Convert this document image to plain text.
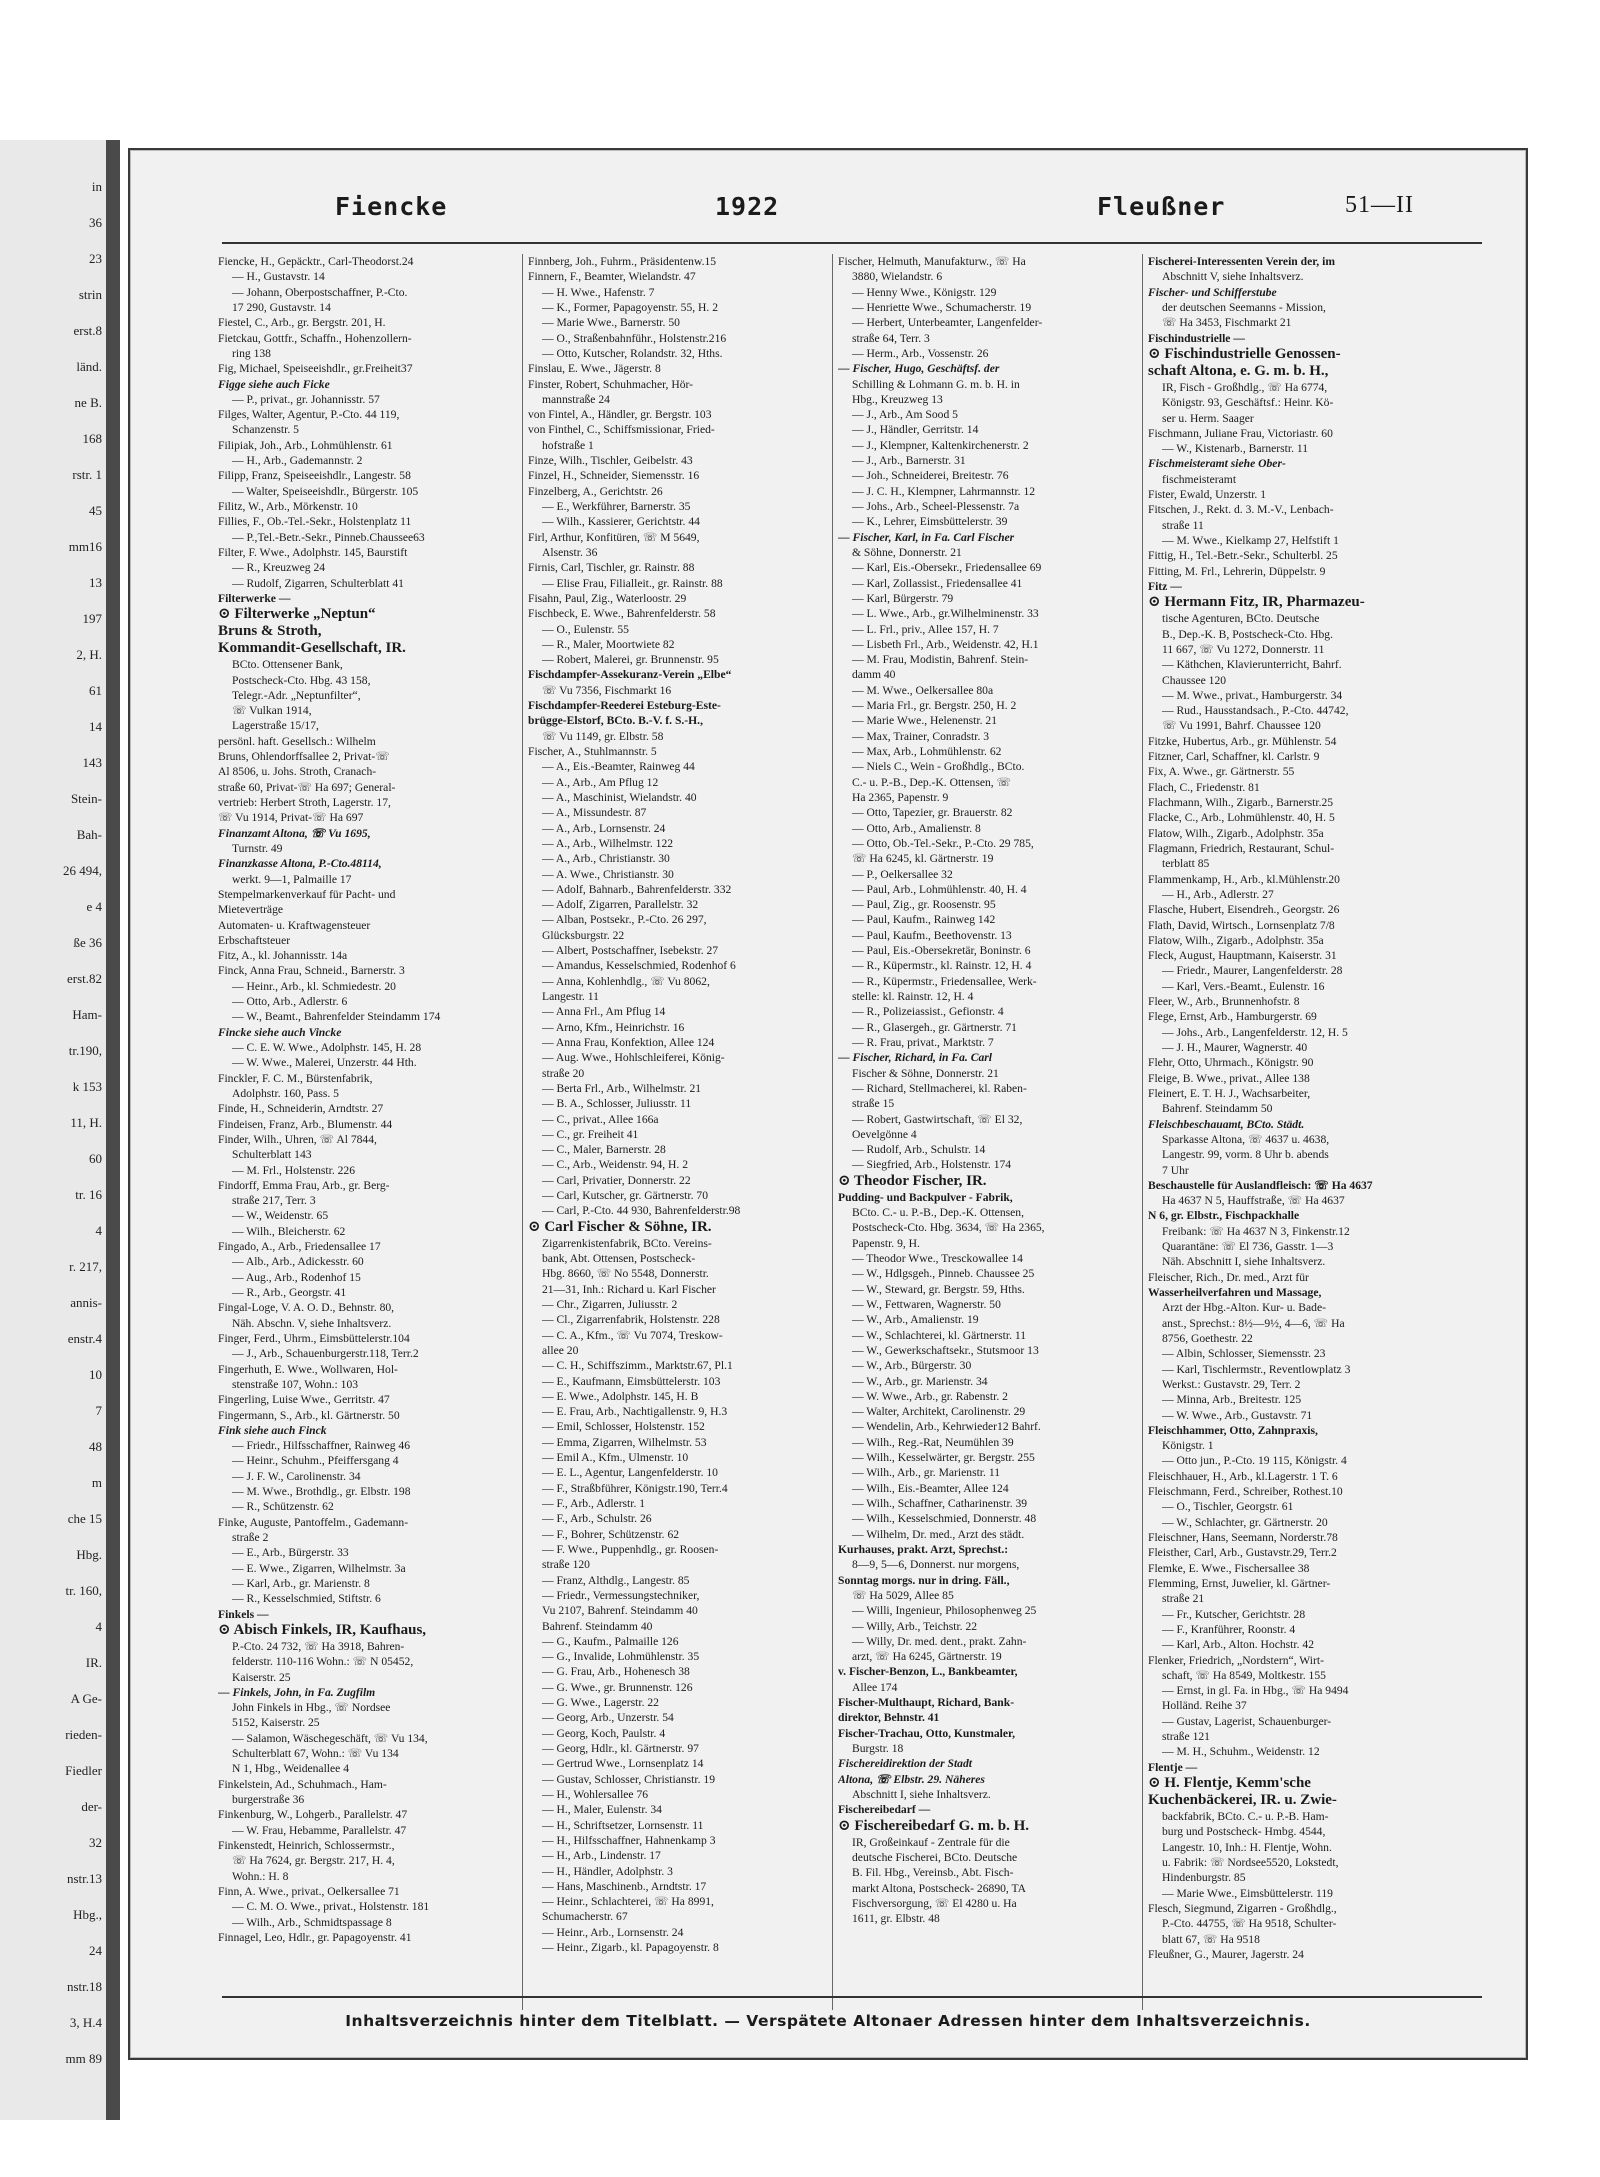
in
36
23
strin
erst.8
länd.
ne B.
168
rstr. 1
45
mm16
13
197
2, H.
61
14
143
Stein-
Bah-
26 494,
e 4
ße 36
erst.82
Ham-
tr.190,
k 153
11, H.
60
tr. 16
4
r. 217,
annis-
enstr.4
10
7
48
m
che 15
Hbg.
tr. 160,
4
IR.
A Ge-
rieden-
Fiedler
der-
32
nstr.13
Hbg.,
24
nstr.18
3, H.4
mm 89
Fiencke	1922	Fleußner	51—II
Fiencke, H., Gepäcktr., Carl-Theodorst.24
— H., Gustavstr. 14
— Johann, Oberpostschaffner, P.-Cto.
17 290, Gustavstr. 14
Fiestel, C., Arb., gr. Bergstr. 201, H.
Fietckau, Gottfr., Schaffn., Hohenzollern-
ring 138
Fig, Michael, Speiseeishdlr., gr.Freiheit37
Figge siehe auch Ficke
— P., privat., gr. Johannisstr. 57
Filges, Walter, Agentur, P.-Cto. 44 119,
Schanzenstr. 5
Filipiak, Joh., Arb., Lohmühlenstr. 61
— H., Arb., Gademannstr. 2
Filipp, Franz, Speiseeishdlr., Langestr. 58
— Walter, Speiseeishdlr., Bürgerstr. 105
Filitz, W., Arb., Mörkenstr. 10
Fillies, F., Ob.-Tel.-Sekr., Holstenplatz 11
— P.,Tel.-Betr.-Sekr., Pinneb.Chaussee63
Filter, F. Wwe., Adolphstr. 145, Baurstift
— R., Kreuzweg 24
— Rudolf, Zigarren, Schulterblatt 41
Filterwerke —
⊙ Filterwerke „Neptun“
Bruns & Stroth,
Kommandit-Gesellschaft, IR.
BCto. Ottensener Bank,
Postscheck-Cto. Hbg. 43 158,
Telegr.-Adr. „Neptunfilter“,
☏ Vulkan 1914,
Lagerstraße 15/17,
persönl. haft. Gesellsch.: Wilhelm
Bruns, Ohlendorffsallee 2, Privat-☏
Al 8506, u. Johs. Stroth, Cranach-
straße 60, Privat-☏ Ha 697; General-
vertrieb: Herbert Stroth, Lagerstr. 17,
☏ Vu 1914, Privat-☏ Ha 697
Finanzamt Altona, ☏ Vu 1695,
Turnstr. 49
Finanzkasse Altona, P.-Cto.48114,
werkt. 9—1, Palmaille 17
Stempelmarkenverkauf für Pacht- und
Mieteverträge
Automaten- u. Kraftwagensteuer
Erbschaftsteuer
Fitz, A., kl. Johannisstr. 14a
Finck, Anna Frau, Schneid., Barnerstr. 3
— Heinr., Arb., kl. Schmiedestr. 20
— Otto, Arb., Adlerstr. 6
— W., Beamt., Bahrenfelder Steindamm 174
Fincke siehe auch Vincke
— C. E. W. Wwe., Adolphstr. 145, H. 28
— W. Wwe., Malerei, Unzerstr. 44 Hth.
Finckler, F. C. M., Bürstenfabrik,
Adolphstr. 160, Pass. 5
Finde, H., Schneiderin, Arndtstr. 27
Findeisen, Franz, Arb., Blumenstr. 44
Finder, Wilh., Uhren, ☏ Al 7844,
Schulterblatt 143
— M. Frl., Holstenstr. 226
Findorff, Emma Frau, Arb., gr. Berg-
straße 217, Terr. 3
— W., Weidenstr. 65
— Wilh., Bleicherstr. 62
Fingado, A., Arb., Friedensallee 17
— Alb., Arb., Adickesstr. 60
— Aug., Arb., Rodenhof 15
— R., Arb., Georgstr. 41
Fingal-Loge, V. A. O. D., Behnstr. 80,
Näh. Abschn. V, siehe Inhaltsverz.
Finger, Ferd., Uhrm., Eimsbüttelerstr.104
— J., Arb., Schauenburgerstr.118, Terr.2
Fingerhuth, E. Wwe., Wollwaren, Hol-
stenstraße 107, Wohn.: 103
Fingerling, Luise Wwe., Gerritstr. 47
Fingermann, S., Arb., kl. Gärtnerstr. 50
Fink siehe auch Finck
— Friedr., Hilfsschaffner, Rainweg 46
— Heinr., Schuhm., Pfeiffersgang 4
— J. F. W., Carolinenstr. 34
— M. Wwe., Brothdlg., gr. Elbstr. 198
— R., Schützenstr. 62
Finke, Auguste, Pantoffelm., Gademann-
straße 2
— E., Arb., Bürgerstr. 33
— E. Wwe., Zigarren, Wilhelmstr. 3a
— Karl, Arb., gr. Marienstr. 8
— R., Kesselschmied, Stiftstr. 6
Finkels —
⊙ Abisch Finkels, IR, Kaufhaus,
P.-Cto. 24 732, ☏ Ha 3918, Bahren-
felderstr. 110-116 Wohn.: ☏ N 05452,
Kaiserstr. 25
— Finkels, John, in Fa. Zugfilm
John Finkels in Hbg., ☏ Nordsee
5152, Kaiserstr. 25
— Salamon, Wäschegeschäft, ☏ Vu 134,
Schulterblatt 67, Wohn.: ☏ Vu 134
N 1, Hbg., Weidenallee 4
Finkelstein, Ad., Schuhmach., Ham-
burgerstraße 36
Finkenburg, W., Lohgerb., Parallelstr. 47
— W. Frau, Hebamme, Parallelstr. 47
Finkenstedt, Heinrich, Schlossermstr.,
☏ Ha 7624, gr. Bergstr. 217, H. 4,
Wohn.: H. 8
Finn, A. Wwe., privat., Oelkersallee 71
— C. M. O. Wwe., privat., Holstenstr. 181
— Wilh., Arb., Schmidtspassage 8
Finnagel, Leo, Hdlr., gr. Papagoyenstr. 41
Finnberg, Joh., Fuhrm., Präsidentenw.15
Finnern, F., Beamter, Wielandstr. 47
— H. Wwe., Hafenstr. 7
— K., Former, Papagoyenstr. 55, H. 2
— Marie Wwe., Barnerstr. 50
— O., Straßenbahnführ., Holstenstr.216
— Otto, Kutscher, Rolandstr. 32, Hths.
Finslau, E. Wwe., Jägerstr. 8
Finster, Robert, Schuhmacher, Hör-
mannstraße 24
von Fintel, A., Händler, gr. Bergstr. 103
von Finthel, C., Schiffsmissionar, Fried-
hofstraße 1
Finze, Wilh., Tischler, Geibelstr. 43
Finzel, H., Schneider, Siemensstr. 16
Finzelberg, A., Gerichtstr. 26
— E., Werkführer, Barnerstr. 35
— Wilh., Kassierer, Gerichtstr. 44
Firl, Arthur, Konfitüren, ☏ M 5649,
Alsenstr. 36
Firnis, Carl, Tischler, gr. Rainstr. 88
— Elise Frau, Filialleit., gr. Rainstr. 88
Fisahn, Paul, Zig., Waterloostr. 29
Fischbeck, E. Wwe., Bahrenfelderstr. 58
— O., Eulenstr. 55
— R., Maler, Moortwiete 82
— Robert, Malerei, gr. Brunnenstr. 95
Fischdampfer-Assekuranz-Verein „Elbe“
☏ Vu 7356, Fischmarkt 16
Fischdampfer-Reederei Esteburg-Este-
brügge-Elstorf, BCto. B.-V. f. S.-H.,
☏ Vu 1149, gr. Elbstr. 58
Fischer, A., Stuhlmannstr. 5
— A., Eis.-Beamter, Rainweg 44
— A., Arb., Am Pflug 12
— A., Maschinist, Wielandstr. 40
— A., Missundestr. 87
— A., Arb., Lornsenstr. 24
— A., Arb., Wilhelmstr. 122
— A., Arb., Christianstr. 30
— A. Wwe., Christianstr. 30
— Adolf, Bahnarb., Bahrenfelderstr. 332
— Adolf, Zigarren, Parallelstr. 32
— Alban, Postsekr., P.-Cto. 26 297,
Glücksburgstr. 22
— Albert, Postschaffner, Isebekstr. 27
— Amandus, Kesselschmied, Rodenhof 6
— Anna, Kohlenhdlg., ☏ Vu 8062,
Langestr. 11
— Anna Frl., Am Pflug 14
— Arno, Kfm., Heinrichstr. 16
— Anna Frau, Konfektion, Allee 124
— Aug. Wwe., Hohlschleiferei, König-
straße 20
— Berta Frl., Arb., Wilhelmstr. 21
— B. A., Schlosser, Juliusstr. 11
— C., privat., Allee 166a
— C., gr. Freiheit 41
— C., Maler, Barnerstr. 28
— C., Arb., Weidenstr. 94, H. 2
— Carl, Privatier, Donnerstr. 22
— Carl, Kutscher, gr. Gärtnerstr. 70
— Carl, P.-Cto. 44 930, Bahrenfelderstr.98
⊙ Carl Fischer & Söhne, IR.
Zigarrenkistenfabrik, BCto. Vereins-
bank, Abt. Ottensen, Postscheck-
Hbg. 8660, ☏ No 5548, Donnerstr.
21—31, Inh.: Richard u. Karl Fischer
— Chr., Zigarren, Juliusstr. 2
— Cl., Zigarrenfabrik, Holstenstr. 228
— C. A., Kfm., ☏ Vu 7074, Treskow-
allee 20
— C. H., Schiffszimm., Marktstr.67, Pl.1
— E., Kaufmann, Eimsbüttelerstr. 103
— E. Wwe., Adolphstr. 145, H. B
— E. Frau, Arb., Nachtigallenstr. 9, H.3
— Emil, Schlosser, Holstenstr. 152
— Emma, Zigarren, Wilhelmstr. 53
— Emil A., Kfm., Ulmenstr. 10
— E. L., Agentur, Langenfelderstr. 10
— F., Straßbführer, Königstr.190, Terr.4
— F., Arb., Adlerstr. 1
— F., Arb., Schulstr. 26
— F., Bohrer, Schützenstr. 62
— F. Wwe., Puppenhdlg., gr. Roosen-
straße 120
— Franz, Althdlg., Langestr. 85
— Friedr., Vermessungstechniker,
Vu 2107, Bahrenf. Steindamm 40
Bahrenf. Steindamm 40
— G., Kaufm., Palmaille 126
— G., Invalide, Lohmühlenstr. 35
— G. Frau, Arb., Hohenesch 38
— G. Wwe., gr. Brunnenstr. 126
— G. Wwe., Lagerstr. 22
— Georg, Arb., Unzerstr. 54
— Georg, Koch, Paulstr. 4
— Georg, Hdlr., kl. Gärtnerstr. 97
— Gertrud Wwe., Lornsenplatz 14
— Gustav, Schlosser, Christianstr. 19
— H., Wohlersallee 76
— H., Maler, Eulenstr. 34
— H., Schriftsetzer, Lornsenstr. 11
— H., Hilfsschaffner, Hahnenkamp 3
— H., Arb., Lindenstr. 17
— H., Händler, Adolphstr. 3
— Hans, Maschinenb., Arndtstr. 17
— Heinr., Schlachterei, ☏ Ha 8991,
Schumacherstr. 67
— Heinr., Arb., Lornsenstr. 24
— Heinr., Zigarb., kl. Papagoyenstr. 8
Fischer, Helmuth, Manufakturw., ☏ Ha
3880, Wielandstr. 6
— Henny Wwe., Königstr. 129
— Henriette Wwe., Schumacherstr. 19
— Herbert, Unterbeamter, Langenfelder-
straße 64, Terr. 3
— Herm., Arb., Vossenstr. 26
— Fischer, Hugo, Geschäftsf. der
Schilling & Lohmann G. m. b. H. in
Hbg., Kreuzweg 13
— J., Arb., Am Sood 5
— J., Händler, Gerritstr. 14
— J., Klempner, Kaltenkirchenerstr. 2
— J., Arb., Barnerstr. 31
— Joh., Schneiderei, Breitestr. 76
— J. C. H., Klempner, Lahrmannstr. 12
— Johs., Arb., Scheel-Plessenstr. 7a
— K., Lehrer, Eimsbüttelerstr. 39
— Fischer, Karl, in Fa. Carl Fischer
& Söhne, Donnerstr. 21
— Karl, Eis.-Obersekr., Friedensallee 69
— Karl, Zollassist., Friedensallee 41
— Karl, Bürgerstr. 79
— L. Wwe., Arb., gr.Wilhelminenstr. 33
— L. Frl., priv., Allee 157, H. 7
— Lisbeth Frl., Arb., Weidenstr. 42, H.1
— M. Frau, Modistin, Bahrenf. Stein-
damm 40
— M. Wwe., Oelkersallee 80a
— Maria Frl., gr. Bergstr. 250, H. 2
— Marie Wwe., Helenenstr. 21
— Max, Trainer, Conradstr. 3
— Max, Arb., Lohmühlenstr. 62
— Niels C., Wein - Großhdlg., BCto.
C.- u. P.-B., Dep.-K. Ottensen, ☏
Ha 2365, Papenstr. 9
— Otto, Tapezier, gr. Brauerstr. 82
— Otto, Arb., Amalienstr. 8
— Otto, Ob.-Tel.-Sekr., P.-Cto. 29 785,
☏ Ha 6245, kl. Gärtnerstr. 19
— P., Oelkersallee 32
— Paul, Arb., Lohmühlenstr. 40, H. 4
— Paul, Zig., gr. Roosenstr. 95
— Paul, Kaufm., Rainweg 142
— Paul, Kaufm., Beethovenstr. 13
— Paul, Eis.-Obersekretär, Boninstr. 6
— R., Küpermstr., kl. Rainstr. 12, H. 4
— R., Küpermstr., Friedensallee, Werk-
stelle: kl. Rainstr. 12, H. 4
— R., Polizeiassist., Gefionstr. 4
— R., Glasergeh., gr. Gärtnerstr. 71
— R. Frau, privat., Marktstr. 7
— Fischer, Richard, in Fa. Carl
Fischer & Söhne, Donnerstr. 21
— Richard, Stellmacherei, kl. Raben-
straße 15
— Robert, Gastwirtschaft, ☏ El 32,
Oevelgönne 4
— Rudolf, Arb., Schulstr. 14
— Siegfried, Arb., Holstenstr. 174
⊙ Theodor Fischer, IR.
Pudding- und Backpulver - Fabrik,
BCto. C.- u. P.-B., Dep.-K. Ottensen,
Postscheck-Cto. Hbg. 3634, ☏ Ha 2365,
Papenstr. 9, H.
— Theodor Wwe., Tresckowallee 14
— W., Hdlgsgeh., Pinneb. Chaussee 25
— W., Steward, gr. Bergstr. 59, Hths.
— W., Fettwaren, Wagnerstr. 50
— W., Arb., Amalienstr. 19
— W., Schlachterei, kl. Gärtnerstr. 11
— W., Gewerkschaftsekr., Stutsmoor 13
— W., Arb., Bürgerstr. 30
— W., Arb., gr. Marienstr. 34
— W. Wwe., Arb., gr. Rabenstr. 2
— Walter, Architekt, Carolinenstr. 29
— Wendelin, Arb., Kehrwieder12 Bahrf.
— Wilh., Reg.-Rat, Neumühlen 39
— Wilh., Kesselwärter, gr. Bergstr. 255
— Wilh., Arb., gr. Marienstr. 11
— Wilh., Eis.-Beamter, Allee 124
— Wilh., Schaffner, Catharinenstr. 39
— Wilh., Kesselschmied, Donnerstr. 48
— Wilhelm, Dr. med., Arzt des städt.
Kurhauses, prakt. Arzt, Sprechst.:
8—9, 5—6, Donnerst. nur morgens,
Sonntag morgs. nur in dring. Fäll.,
☏ Ha 5029, Allee 85
— Willi, Ingenieur, Philosophenweg 25
— Willy, Arb., Teichstr. 22
— Willy, Dr. med. dent., prakt. Zahn-
arzt, ☏ Ha 6245, Gärtnerstr. 19
v. Fischer-Benzon, L., Bankbeamter,
Allee 174
Fischer-Multhaupt, Richard, Bank-
direktor, Behnstr. 41
Fischer-Trachau, Otto, Kunstmaler,
Burgstr. 18
Fischereidirektion der Stadt
Altona, ☏ Elbstr. 29. Näheres
Abschnitt I, siehe Inhaltsverz.
Fischereibedarf —
⊙ Fischereibedarf G. m. b. H.
IR, Großeinkauf - Zentrale für die
deutsche Fischerei, BCto. Deutsche
B. Fil. Hbg., Vereinsb., Abt. Fisch-
markt Altona, Postscheck- 26890, TA
Fischversorgung, ☏ El 4280 u. Ha
1611, gr. Elbstr. 48
Fischerei-Interessenten Verein der, im
Abschnitt V, siehe Inhaltsverz.
Fischer- und Schifferstube
der deutschen Seemanns - Mission,
☏ Ha 3453, Fischmarkt 21
Fischindustrielle —
⊙ Fischindustrielle Genossen-
schaft Altona, e. G. m. b. H.,
IR, Fisch - Großhdlg., ☏ Ha 6774,
Königstr. 93, Geschäftsf.: Heinr. Kö-
ser u. Herm. Saager
Fischmann, Juliane Frau, Victoriastr. 60
— W., Kistenarb., Barnerstr. 11
Fischmeisteramt siehe Ober-
fischmeisteramt
Fister, Ewald, Unzerstr. 1
Fitschen, J., Rekt. d. 3. M.-V., Lenbach-
straße 11
— M. Wwe., Kielkamp 27, Helfstift 1
Fittig, H., Tel.-Betr.-Sekr., Schulterbl. 25
Fitting, M. Frl., Lehrerin, Düppelstr. 9
Fitz —
⊙ Hermann Fitz, IR, Pharmazeu-
tische Agenturen, BCto. Deutsche
B., Dep.-K. B, Postscheck-Cto. Hbg.
11 667, ☏ Vu 1272, Donnerstr. 11
— Käthchen, Klavierunterricht, Bahrf.
Chaussee 120
— M. Wwe., privat., Hamburgerstr. 34
— Rud., Hausstandsach., P.-Cto. 44742,
☏ Vu 1991, Bahrf. Chaussee 120
Fitzke, Hubertus, Arb., gr. Mühlenstr. 54
Fitzner, Carl, Schaffner, kl. Carlstr. 9
Fix, A. Wwe., gr. Gärtnerstr. 55
Flach, C., Friedenstr. 81
Flachmann, Wilh., Zigarb., Barnerstr.25
Flacke, C., Arb., Lohmühlenstr. 40, H. 5
Flatow, Wilh., Zigarb., Adolphstr. 35a
Flagmann, Friedrich, Restaurant, Schul-
terblatt 85
Flammenkamp, H., Arb., kl.Mühlenstr.20
— H., Arb., Adlerstr. 27
Flasche, Hubert, Eisendreh., Georgstr. 26
Flath, David, Wirtsch., Lornsenplatz 7/8
Flatow, Wilh., Zigarb., Adolphstr. 35a
Fleck, August, Hauptmann, Kaiserstr. 31
— Friedr., Maurer, Langenfelderstr. 28
— Karl, Vers.-Beamt., Eulenstr. 16
Fleer, W., Arb., Brunnenhofstr. 8
Flege, Ernst, Arb., Hamburgerstr. 69
— Johs., Arb., Langenfelderstr. 12, H. 5
— J. H., Maurer, Wagnerstr. 40
Flehr, Otto, Uhrmach., Königstr. 90
Fleige, B. Wwe., privat., Allee 138
Fleinert, E. T. H. J., Wachsarbeiter,
Bahrenf. Steindamm 50
Fleischbeschauamt, BCto. Städt.
Sparkasse Altona, ☏ 4637 u. 4638,
Langestr. 99, vorm. 8 Uhr b. abends
7 Uhr
Beschaustelle für Auslandfleisch: ☏ Ha 4637
Ha 4637 N 5, Hauffstraße, ☏ Ha 4637
N 6, gr. Elbstr., Fischpackhalle
Freibank: ☏ Ha 4637 N 3, Finkenstr.12
Quarantäne: ☏ El 736, Gasstr. 1—3
Näh. Abschnitt I, siehe Inhaltsverz.
Fleischer, Rich., Dr. med., Arzt für
Wasserheilverfahren und Massage,
Arzt der Hbg.-Alton. Kur- u. Bade-
anst., Sprechst.: 8½—9½, 4—6, ☏ Ha
8756, Goethestr. 22
— Albin, Schlosser, Siemensstr. 23
— Karl, Tischlermstr., Reventlowplatz 3
Werkst.: Gustavstr. 29, Terr. 2
— Minna, Arb., Breitestr. 125
— W. Wwe., Arb., Gustavstr. 71
Fleischhammer, Otto, Zahnpraxis,
Königstr. 1
— Otto jun., P.-Cto. 19 115, Königstr. 4
Fleischhauer, H., Arb., kl.Lagerstr. 1 T. 6
Fleischmann, Ferd., Schreiber, Rothest.10
— O., Tischler, Georgstr. 61
— W., Schlachter, gr. Gärtnerstr. 20
Fleischner, Hans, Seemann, Norderstr.78
Fleisther, Carl, Arb., Gustavstr.29, Terr.2
Flemke, E. Wwe., Fischersallee 38
Flemming, Ernst, Juwelier, kl. Gärtner-
straße 21
— Fr., Kutscher, Gerichtstr. 28
— F., Kranführer, Roonstr. 4
— Karl, Arb., Alton. Hochstr. 42
Flenker, Friedrich, „Nordstern“, Wirt-
schaft, ☏ Ha 8549, Moltkestr. 155
— Ernst, in gl. Fa. in Hbg., ☏ Ha 9494
Holländ. Reihe 37
— Gustav, Lagerist, Schauenburger-
straße 121
— M. H., Schuhm., Weidenstr. 12
Flentje —
⊙ H. Flentje, Kemm'sche
Kuchenbäckerei, IR. u. Zwie-
backfabrik, BCto. C.- u. P.-B. Ham-
burg und Postscheck- Hmbg. 4544,
Langestr. 10, Inh.: H. Flentje, Wohn.
u. Fabrik: ☏ Nordsee5520, Lokstedt,
Hindenburgstr. 85
— Marie Wwe., Eimsbüttelerstr. 119
Flesch, Siegmund, Zigarren - Großhdlg.,
P.-Cto. 44755, ☏ Ha 9518, Schulter-
blatt 67, ☏ Ha 9518
Fleußner, G., Maurer, Jagerstr. 24
Inhaltsverzeichnis hinter dem Titelblatt. — Verspätete Altonaer Adressen hinter dem Inhaltsverzeichnis.
